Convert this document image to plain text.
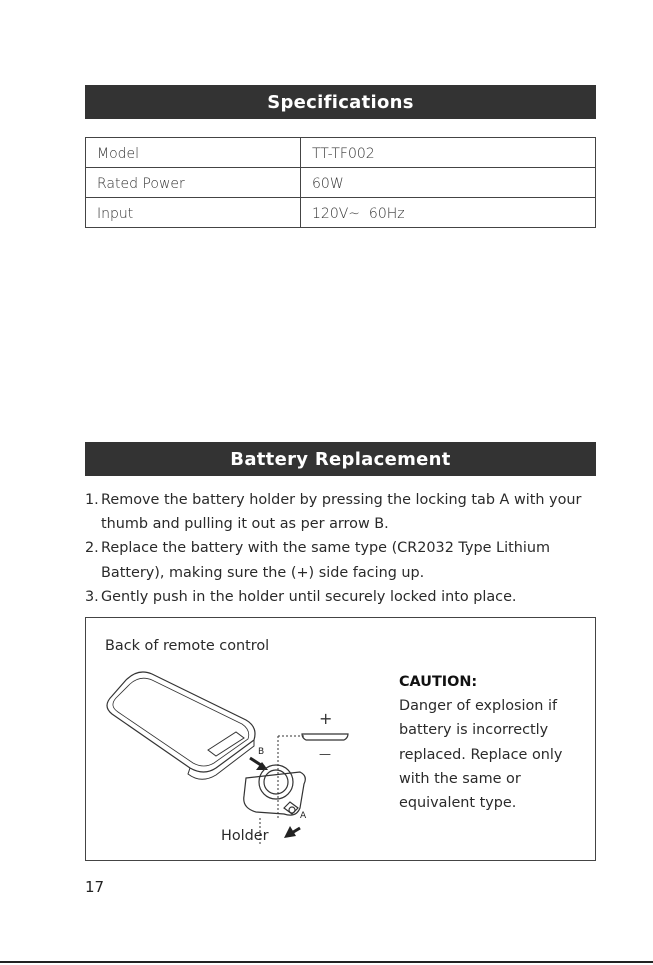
Specifications
Model	TT-TF002
Rated Power	60W
Input	120V~  60Hz
Battery Replacement
1. Remove the battery holder by pressing the locking tab A with your thumb and pulling it out as per arrow B.
2. Replace the battery with the same type (CR2032 Type Lithium Battery), making sure the (+) side facing up.
3. Gently push in the holder until securely locked into place.
Back of remote control
B
+
—
A
Holder
CAUTION:
Danger of explosion if battery is incorrectly replaced. Replace only with the same or equivalent type.
17
